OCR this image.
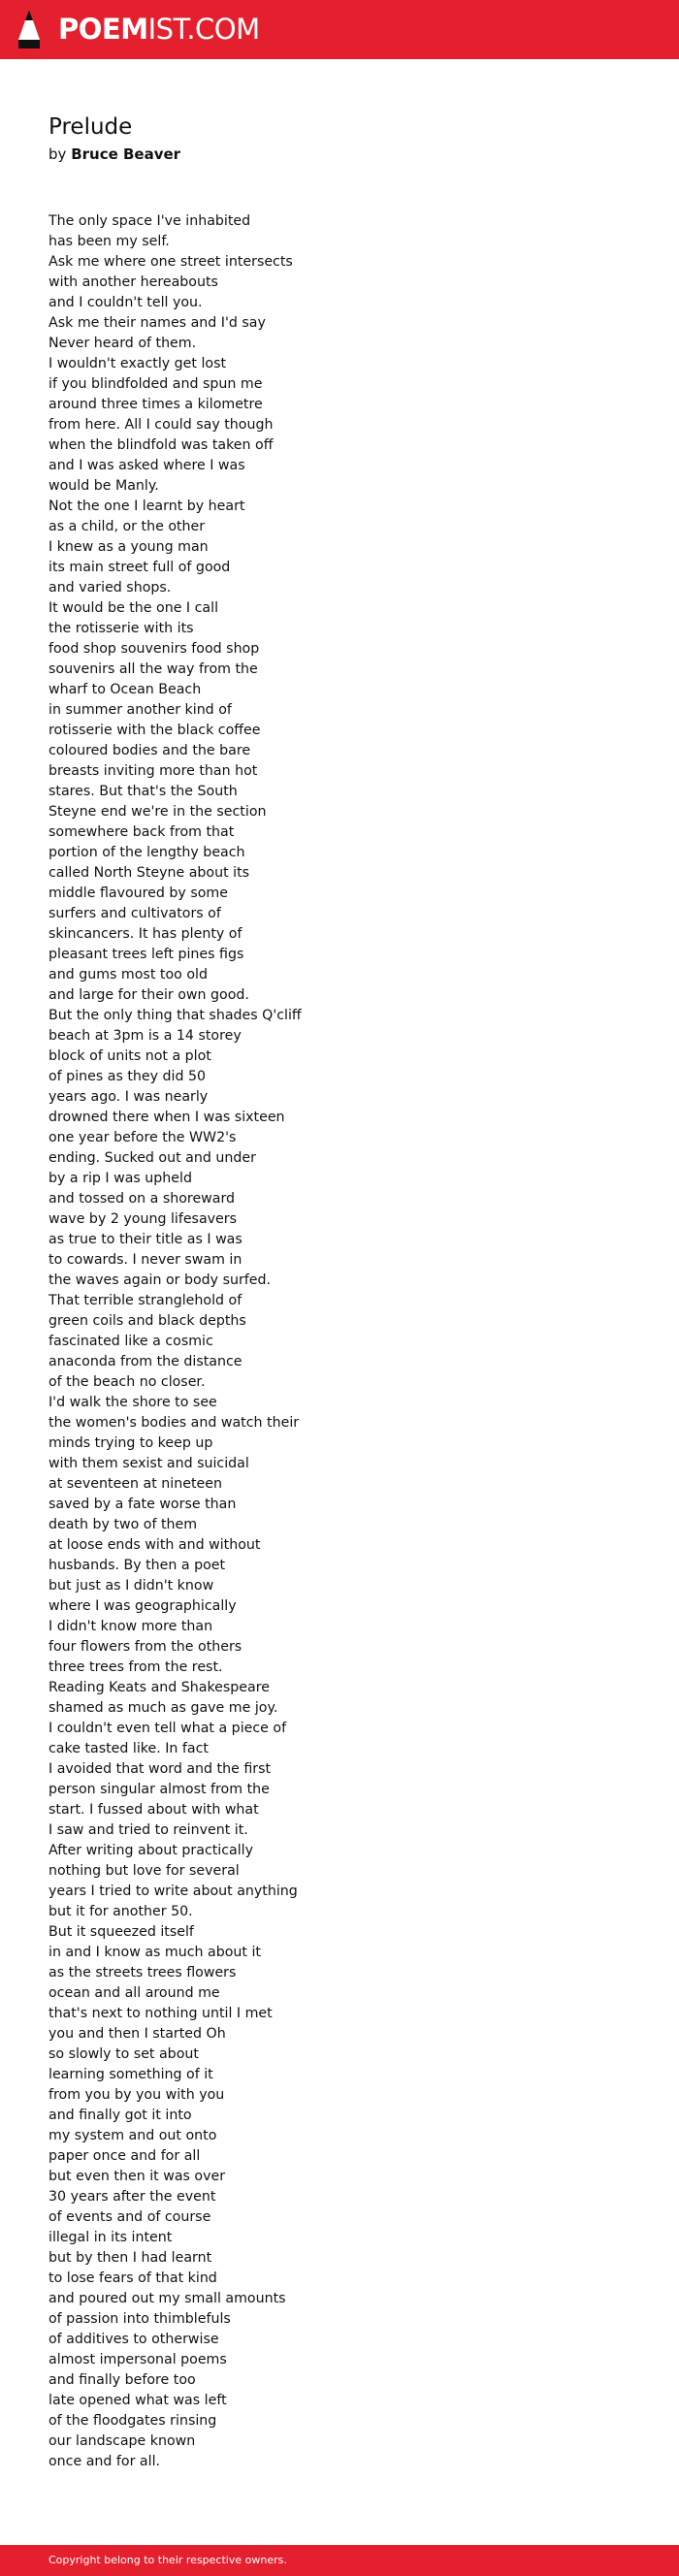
POEMIST.COM
Prelude
by Bruce Beaver
The only space I've inhabited
has been my self.
Ask me where one street intersects
with another hereabouts
and I couldn't tell you.
Ask me their names and I'd say
Never heard of them.
I wouldn't exactly get lost
if you blindfolded and spun me
around three times a kilometre
from here. All I could say though
when the blindfold was taken off
and I was asked where I was
would be Manly.
Not the one I learnt by heart
as a child, or the other
I knew as a young man
its main street full of good
and varied shops.
It would be the one I call
the rotisserie with its
food shop souvenirs food shop
souvenirs all the way from the
wharf to Ocean Beach
in summer another kind of
rotisserie with the black coffee
coloured bodies and the bare
breasts inviting more than hot
stares. But that's the South
Steyne end we're in the section
somewhere back from that
portion of the lengthy beach
called North Steyne about its
middle flavoured by some
surfers and cultivators of
skincancers. It has plenty of
pleasant trees left pines figs
and gums most too old
and large for their own good.
But the only thing that shades Q'cliff
beach at 3pm is a 14 storey
block of units not a plot
of pines as they did 50
years ago. I was nearly
drowned there when I was sixteen
one year before the WW2's
ending. Sucked out and under
by a rip I was upheld
and tossed on a shoreward
wave by 2 young lifesavers
as true to their title as I was
to cowards. I never swam in
the waves again or body surfed.
That terrible stranglehold of
green coils and black depths
fascinated like a cosmic
anaconda from the distance
of the beach no closer.
I'd walk the shore to see
the women's bodies and watch their
minds trying to keep up
with them sexist and suicidal
at seventeen at nineteen
saved by a fate worse than
death by two of them
at loose ends with and without
husbands. By then a poet
but just as I didn't know
where I was geographically
I didn't know more than
four flowers from the others
three trees from the rest.
Reading Keats and Shakespeare
shamed as much as gave me joy.
I couldn't even tell what a piece of
cake tasted like. In fact
I avoided that word and the first
person singular almost from the
start. I fussed about with what
I saw and tried to reinvent it.
After writing about practically
nothing but love for several
years I tried to write about anything
but it for another 50.
But it squeezed itself
in and I know as much about it
as the streets trees flowers
ocean and all around me
that's next to nothing until I met
you and then I started Oh
so slowly to set about
learning something of it
from you by you with you
and finally got it into
my system and out onto
paper once and for all
but even then it was over
30 years after the event
of events and of course
illegal in its intent
but by then I had learnt
to lose fears of that kind
and poured out my small amounts
of passion into thimblefuls
of additives to otherwise
almost impersonal poems
and finally before too
late opened what was left
of the floodgates rinsing
our landscape known
once and for all.
Copyright belong to their respective owners.
